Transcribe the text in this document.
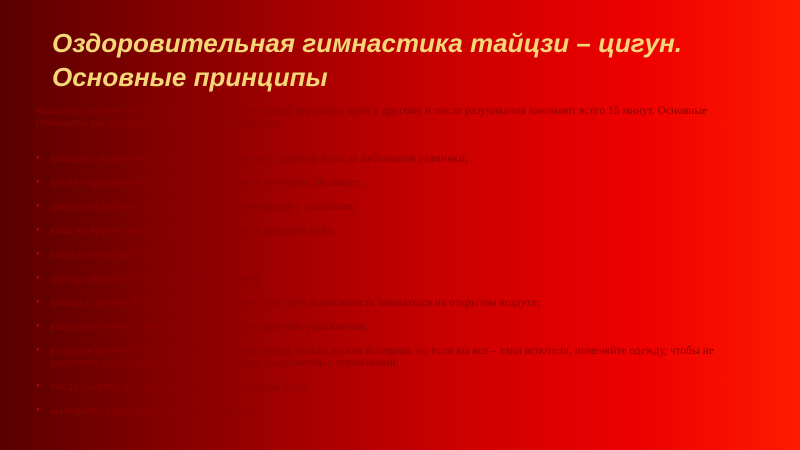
Оздоровительная гимнастика тайцзи – цигун. Основные принципы

Комплекс состоит из 5 упражнений, которые плавно переходят один в другому и после разучивания занимают всего 15 минут. Основные принципы так же просты, как и сами упражнения:

• комплекс выполняется утром после подъема с постели и после небольшой разминки;
• после упражнений пищу нельзя принимать в течение 30 минут;
• движения должны быть плавными, синхронными с дыханием;
• язык во время упражнений слегка касается верхнего неба;
• глаза полузакрыты;
• одежда должна быть свободной и удобной;
• комната должна быть проветрена, хорошо, если есть возможность заниматься на открытом воздухе;
• внимание нужно концентрировать на выполняемом упражнении;
• во время занятий не должно быть потоотделения, только легкая испарина, но если вы все – таки вспотели, поменяйте одежду, чтобы не допустить переохлаждения, и снизьте темп выполняемых упражнений;
• после занятий не следует принимать холодный душ;
• выполнять упражнения нужно ежедневно.
